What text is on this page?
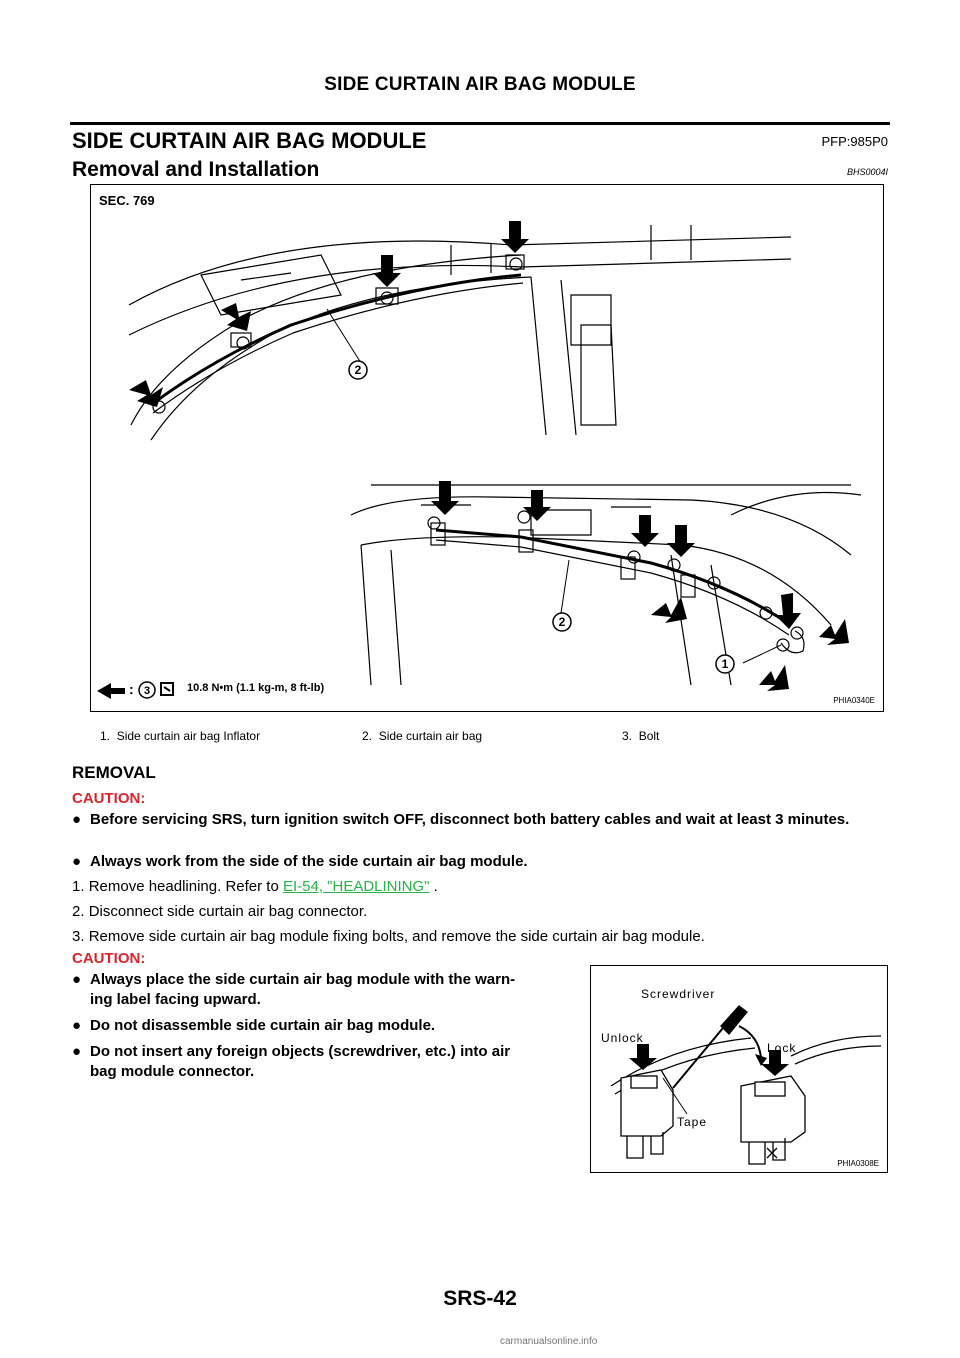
SIDE CURTAIN AIR BAG MODULE
SIDE CURTAIN AIR BAG MODULE	PFP:985P0
Removal and Installation	BHS0004I
SEC. 769
2
2
1
: 3	10.8 N•m (1.1 kg-m, 8 ft-lb)
PHIA0340E
1. Side curtain air bag Inflator	2. Side curtain air bag	3. Bolt
REMOVAL
CAUTION:
● Before servicing SRS, turn ignition switch OFF, disconnect both battery cables and wait at least 3 minutes.
● Always work from the side of the side curtain air bag module.
1. Remove headlining. Refer to EI-54, "HEADLINING" .
2. Disconnect side curtain air bag connector.
3. Remove side curtain air bag module fixing bolts, and remove the side curtain air bag module.
CAUTION:
● Always place the side curtain air bag module with the warn-
ing label facing upward.
● Do not disassemble side curtain air bag module.
● Do not insert any foreign objects (screwdriver, etc.) into air
bag module connector.
Screwdriver
Unlock
Lock
Tape
PHIA0308E
SRS-42
carmanualsonline.info
